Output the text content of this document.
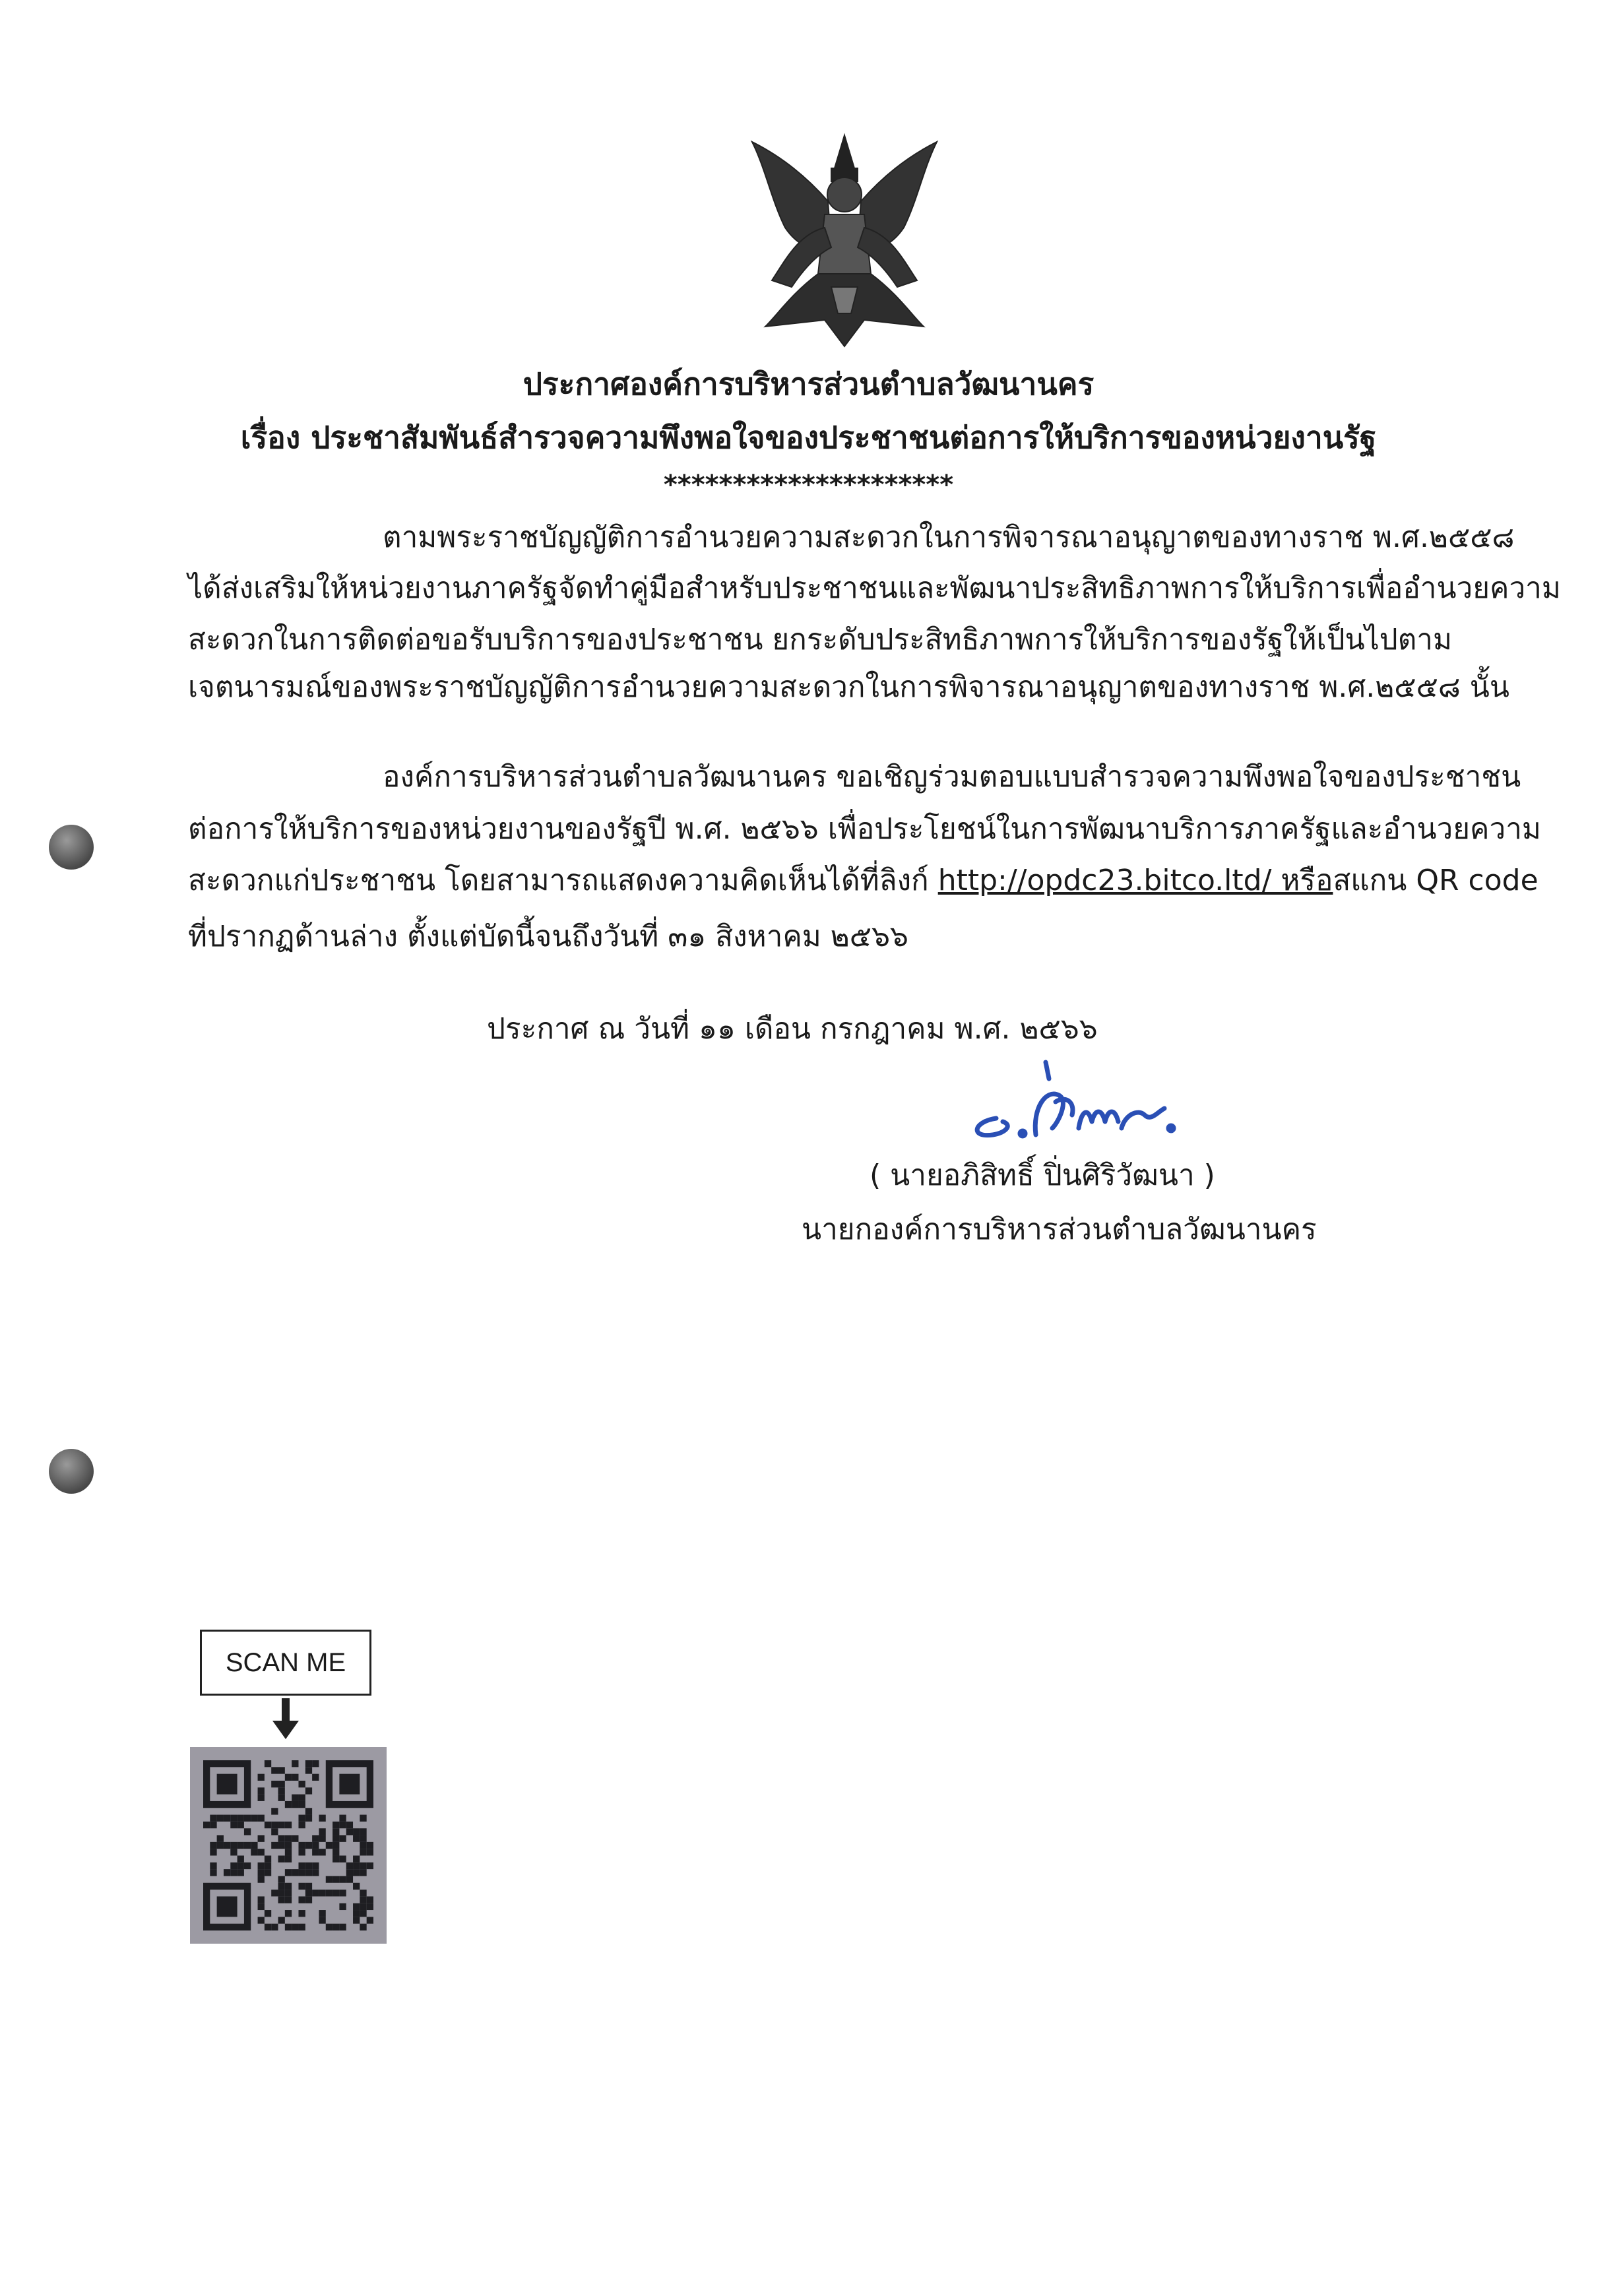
ประกาศองค์การบริหารส่วนตำบลวัฒนานคร
เรื่อง ประชาสัมพันธ์สำรวจความพึงพอใจของประชาชนต่อการให้บริการของหน่วยงานรัฐ
*********************
ตามพระราชบัญญัติการอำนวยความสะดวกในการพิจารณาอนุญาตของทางราช พ.ศ.๒๕๕๘
ได้ส่งเสริมให้หน่วยงานภาครัฐจัดทำคู่มือสำหรับประชาชนและพัฒนาประสิทธิภาพการให้บริการเพื่ออำนวยความ
สะดวกในการติดต่อขอรับบริการของประชาชน ยกระดับประสิทธิภาพการให้บริการของรัฐให้เป็นไปตาม
เจตนารมณ์ของพระราชบัญญัติการอำนวยความสะดวกในการพิจารณาอนุญาตของทางราช พ.ศ.๒๕๕๘ นั้น
องค์การบริหารส่วนตำบลวัฒนานคร ขอเชิญร่วมตอบแบบสำรวจความพึงพอใจของประชาชน
ต่อการให้บริการของหน่วยงานของรัฐปี พ.ศ. ๒๕๖๖ เพื่อประโยชน์ในการพัฒนาบริการภาครัฐและอำนวยความ
สะดวกแก่ประชาชน โดยสามารถแสดงความคิดเห็นได้ที่ลิงก์ http://opdc23.bitco.ltd/ หรือสแกน QR code
ที่ปรากฏด้านล่าง ตั้งแต่บัดนี้จนถึงวันที่ ๓๑ สิงหาคม ๒๕๖๖
ประกาศ ณ วันที่ ๑๑ เดือน กรกฎาคม พ.ศ. ๒๕๖๖
( นายอภิสิทธิ์ ปิ่นศิริวัฒนา )
นายกองค์การบริหารส่วนตำบลวัฒนานคร
SCAN ME
